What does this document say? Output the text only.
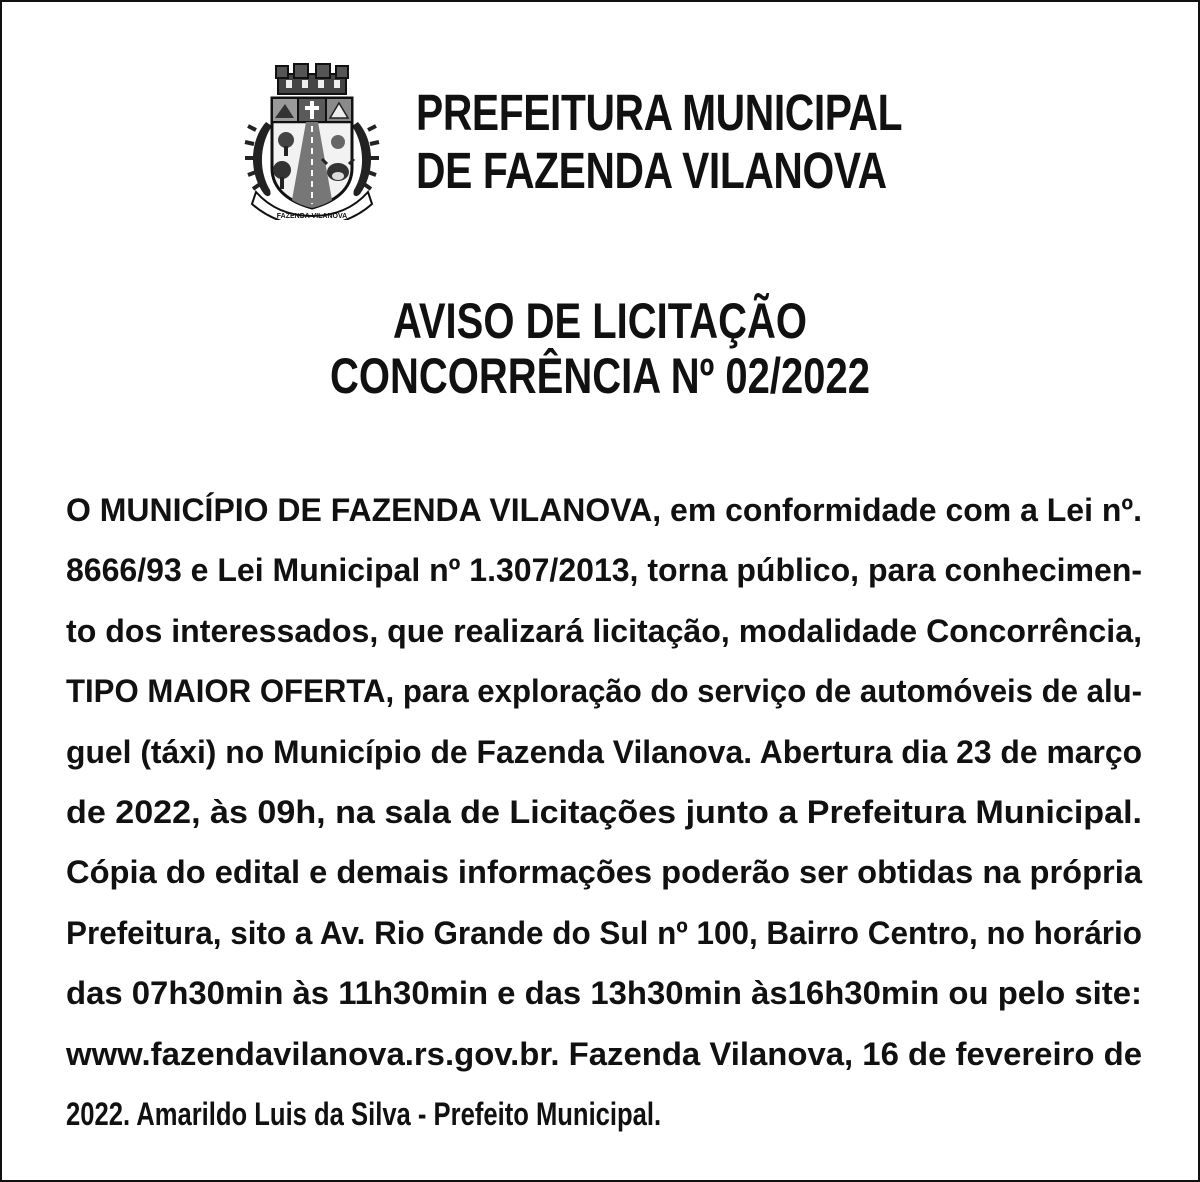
FAZENDA VILANOVA
PREFEITURA MUNICIPAL
DE FAZENDA VILANOVA
AVISO DE LICITAÇÃO
CONCORRÊNCIA Nº 02/2022
O MUNICÍPIO DE FAZENDA VILANOVA, em conformidade com a Lei nº.
8666/93 e Lei Municipal nº 1.307/2013, torna público, para conhecimen-
to dos interessados, que realizará licitação, modalidade Concorrência,
TIPO MAIOR OFERTA, para exploração do serviço de automóveis de alu-
guel (táxi) no Município de Fazenda Vilanova. Abertura dia 23 de março
de 2022, às 09h, na sala de Licitações junto a Prefeitura Municipal.
Cópia do edital e demais informações poderão ser obtidas na própria
Prefeitura, sito a Av. Rio Grande do Sul nº 100, Bairro Centro, no horário
das 07h30min às 11h30min e das 13h30min às16h30min ou pelo site:
www.fazendavilanova.rs.gov.br. Fazenda Vilanova, 16 de fevereiro de
2022. Amarildo Luis da Silva - Prefeito Municipal.
